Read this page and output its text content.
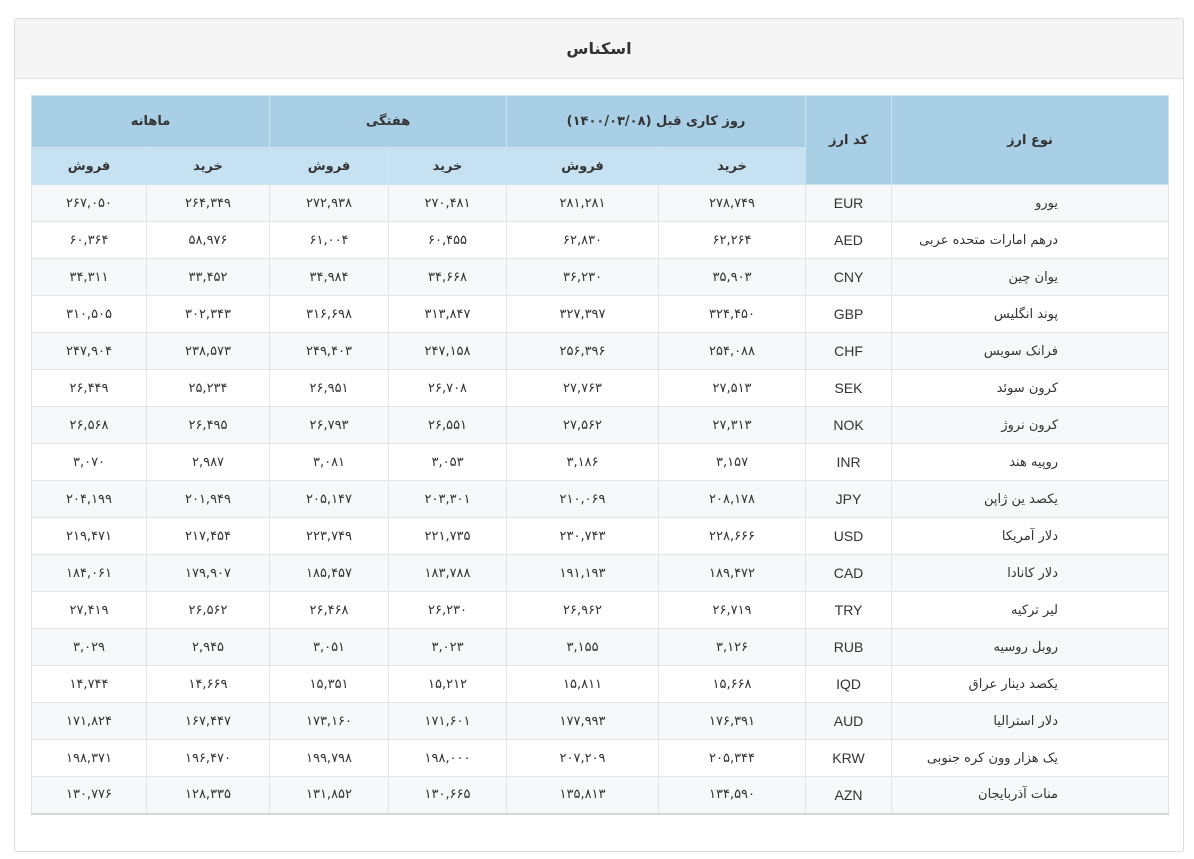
اسکناس
نوع ارز	کد ارز	روز کاری قبل (۱۴۰۰/۰۳/۰۸)		هفتگی		ماهانه	
		خرید	فروش	خرید	فروش	خرید	فروش
یورو	EUR	۲۷۸,۷۴۹	۲۸۱,۲۸۱	۲۷۰,۴۸۱	۲۷۲,۹۳۸	۲۶۴,۳۴۹	۲۶۷,۰۵۰
درهم امارات متحده عربی	AED	۶۲,۲۶۴	۶۲,۸۳۰	۶۰,۴۵۵	۶۱,۰۰۴	۵۸,۹۷۶	۶۰,۳۶۴
یوان چین	CNY	۳۵,۹۰۳	۳۶,۲۳۰	۳۴,۶۶۸	۳۴,۹۸۴	۳۳,۴۵۲	۳۴,۳۱۱
پوند انگلیس	GBP	۳۲۴,۴۵۰	۳۲۷,۳۹۷	۳۱۳,۸۴۷	۳۱۶,۶۹۸	۳۰۲,۳۴۳	۳۱۰,۵۰۵
فرانک سویس	CHF	۲۵۴,۰۸۸	۲۵۶,۳۹۶	۲۴۷,۱۵۸	۲۴۹,۴۰۳	۲۳۸,۵۷۳	۲۴۷,۹۰۴
کرون سوئد	SEK	۲۷,۵۱۳	۲۷,۷۶۳	۲۶,۷۰۸	۲۶,۹۵۱	۲۵,۲۳۴	۲۶,۴۴۹
کرون نروژ	NOK	۲۷,۳۱۳	۲۷,۵۶۲	۲۶,۵۵۱	۲۶,۷۹۳	۲۶,۴۹۵	۲۶,۵۶۸
روپیه هند	INR	۳,۱۵۷	۳,۱۸۶	۳,۰۵۳	۳,۰۸۱	۲,۹۸۷	۳,۰۷۰
یکصد ین ژاپن	JPY	۲۰۸,۱۷۸	۲۱۰,۰۶۹	۲۰۳,۳۰۱	۲۰۵,۱۴۷	۲۰۱,۹۴۹	۲۰۴,۱۹۹
دلار آمریکا	USD	۲۲۸,۶۶۶	۲۳۰,۷۴۳	۲۲۱,۷۳۵	۲۲۳,۷۴۹	۲۱۷,۴۵۴	۲۱۹,۴۷۱
دلار کانادا	CAD	۱۸۹,۴۷۲	۱۹۱,۱۹۳	۱۸۳,۷۸۸	۱۸۵,۴۵۷	۱۷۹,۹۰۷	۱۸۴,۰۶۱
لیر ترکیه	TRY	۲۶,۷۱۹	۲۶,۹۶۲	۲۶,۲۳۰	۲۶,۴۶۸	۲۶,۵۶۲	۲۷,۴۱۹
روبل روسیه	RUB	۳,۱۲۶	۳,۱۵۵	۳,۰۲۳	۳,۰۵۱	۲,۹۴۵	۳,۰۲۹
یکصد دینار عراق	IQD	۱۵,۶۶۸	۱۵,۸۱۱	۱۵,۲۱۲	۱۵,۳۵۱	۱۴,۶۶۹	۱۴,۷۴۴
دلار استرالیا	AUD	۱۷۶,۳۹۱	۱۷۷,۹۹۳	۱۷۱,۶۰۱	۱۷۳,۱۶۰	۱۶۷,۴۴۷	۱۷۱,۸۲۴
یک هزار وون کره جنوبی	KRW	۲۰۵,۳۴۴	۲۰۷,۲۰۹	۱۹۸,۰۰۰	۱۹۹,۷۹۸	۱۹۶,۴۷۰	۱۹۸,۳۷۱
منات آذربایجان	AZN	۱۳۴,۵۹۰	۱۳۵,۸۱۳	۱۳۰,۶۶۵	۱۳۱,۸۵۲	۱۲۸,۳۳۵	۱۳۰,۷۷۶
